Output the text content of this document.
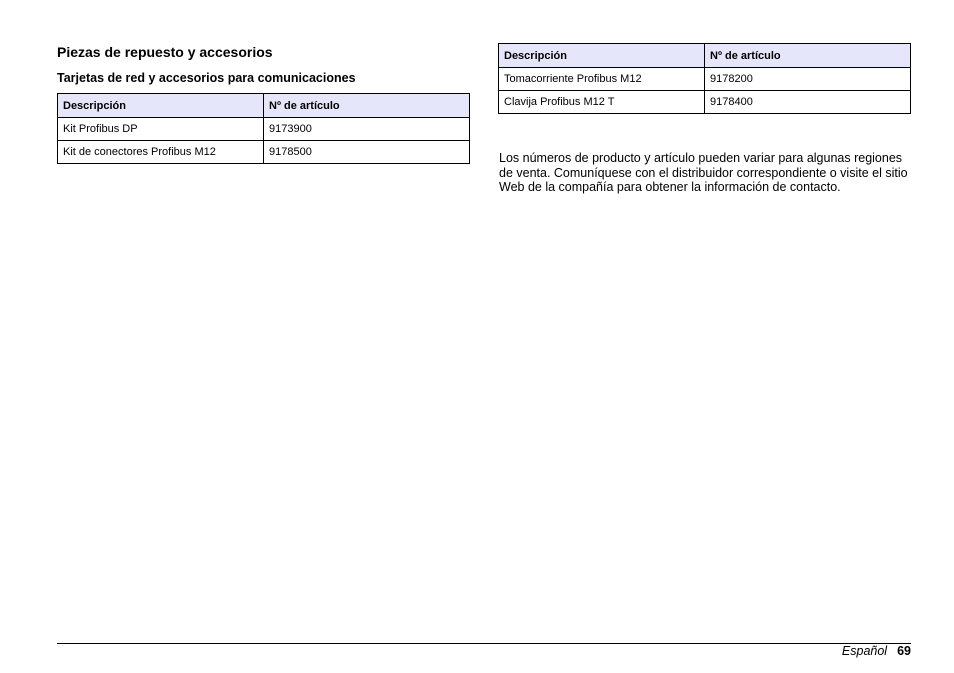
Piezas de repuesto y accesorios
Tarjetas de red y accesorios para comunicaciones
Descripción	Nº de artículo
Kit Profibus DP	9173900
Kit de conectores Profibus M12	9178500
Descripción	Nº de artículo
Tomacorriente Profibus M12	9178200
Clavija Profibus M12 T	9178400

Los números de producto y artículo pueden variar para algunas regiones de venta. Comuníquese con el distribuidor correspondiente o visite el sitio Web de la compañía para obtener la información de contacto.

Español 69
